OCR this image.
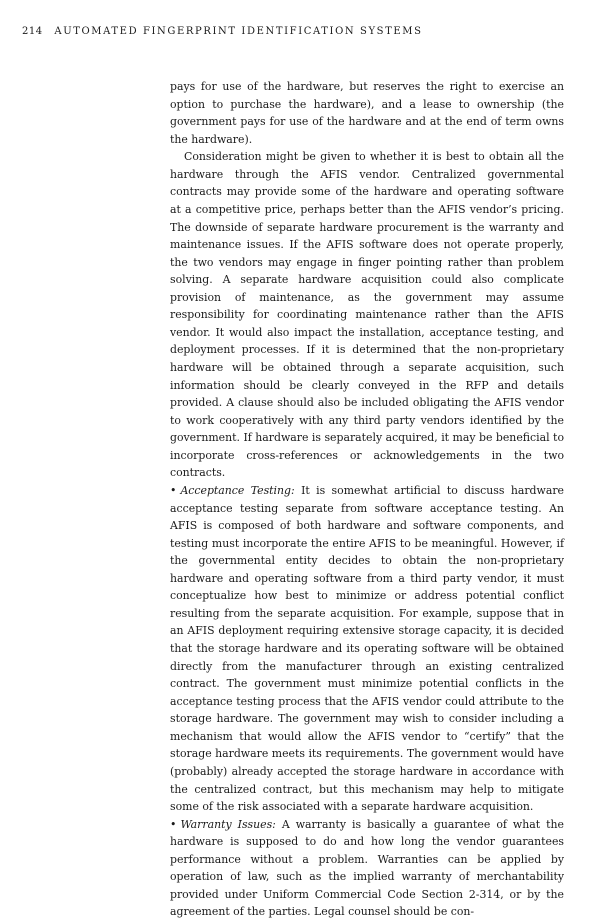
214 AUTOMATED FINGERPRINT IDENTIFICATION SYSTEMS

pays for use of the hardware, but reserves the right to exercise an option to purchase the hardware), and a lease to ownership (the government pays for use of the hardware and at the end of term owns the hardware).

Consideration might be given to whether it is best to obtain all the hardware through the AFIS vendor. Centralized governmental contracts may provide some of the hardware and operating software at a competitive price, perhaps better than the AFIS vendor’s pricing. The downside of separate hardware procurement is the warranty and maintenance issues. If the AFIS software does not operate properly, the two vendors may engage in finger pointing rather than problem solving. A separate hardware acquisition could also complicate provision of maintenance, as the government may assume responsibility for coordinating maintenance rather than the AFIS vendor. It would also impact the installation, acceptance testing, and deployment processes. If it is determined that the non-proprietary hardware will be obtained through a separate acquisition, such information should be clearly conveyed in the RFP and details provided. A clause should also be included obligating the AFIS vendor to work cooperatively with any third party vendors identified by the government. If hardware is separately acquired, it may be beneficial to incorporate cross-references or acknowledgements in the two contracts.

• Acceptance Testing: It is somewhat artificial to discuss hardware acceptance testing separate from software acceptance testing. An AFIS is composed of both hardware and software components, and testing must incorporate the entire AFIS to be meaningful. However, if the governmental entity decides to obtain the non-proprietary hardware and operating software from a third party vendor, it must conceptualize how best to minimize or address potential conflict resulting from the separate acquisition. For example, suppose that in an AFIS deployment requiring extensive storage capacity, it is decided that the storage hardware and its operating software will be obtained directly from the manufacturer through an existing centralized contract. The government must minimize potential conflicts in the acceptance testing process that the AFIS vendor could attribute to the storage hardware. The government may wish to consider including a mechanism that would allow the AFIS vendor to “certify” that the storage hardware meets its requirements. The government would have (probably) already accepted the storage hardware in accordance with the centralized contract, but this mechanism may help to mitigate some of the risk associated with a separate hardware acquisition.

• Warranty Issues: A warranty is basically a guarantee of what the hardware is supposed to do and how long the vendor guarantees performance without a problem. Warranties can be applied by operation of law, such as the implied warranty of merchantability provided under Uniform Commercial Code Section 2-314, or by the agreement of the parties. Legal counsel should be con-
